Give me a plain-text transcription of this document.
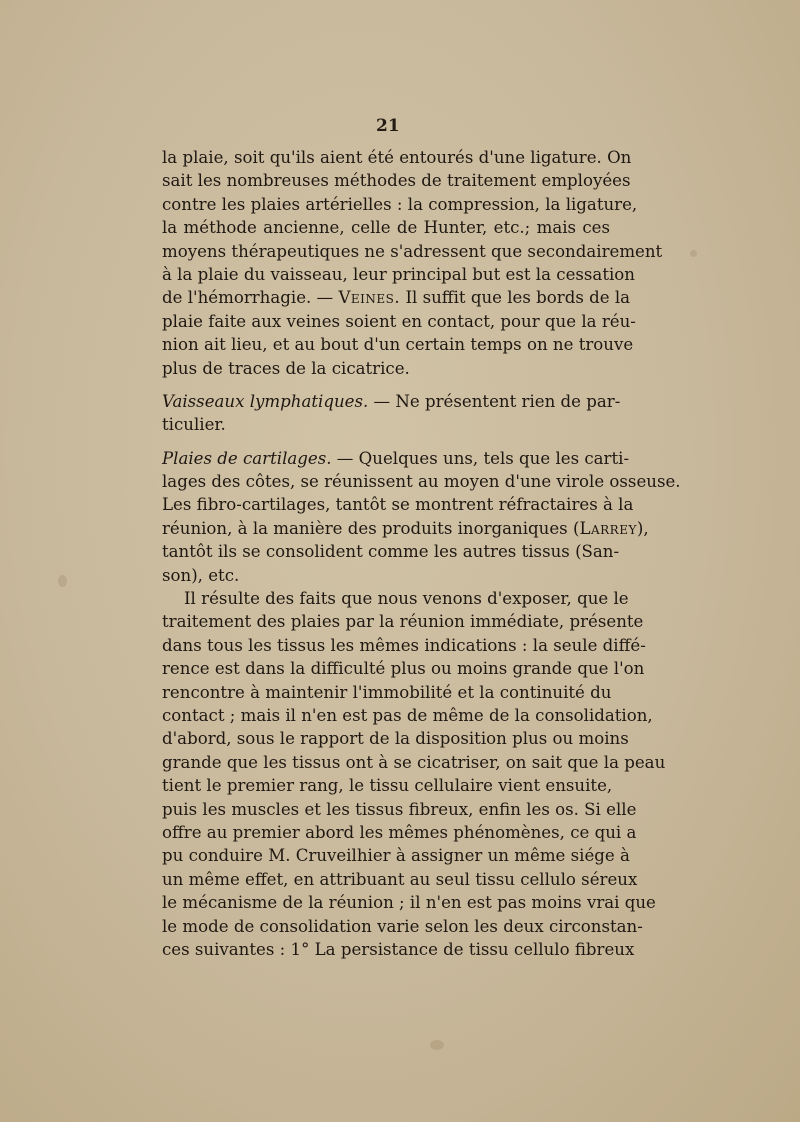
21
la plaie, soit qu'ils aient été entourés d'une ligature. On
sait les nombreuses méthodes de traitement employées
contre les plaies artérielles : la compression, la ligature,
la méthode ancienne, celle de Hunter, etc.; mais ces
moyens thérapeutiques ne s'adressent que secondairement
à la plaie du vaisseau, leur principal but est la cessation
de l'hémorrhagie. — Veines. Il suffit que les bords de la
plaie faite aux veines soient en contact, pour que la réu-
nion ait lieu, et au bout d'un certain temps on ne trouve
plus de traces de la cicatrice.
Vaisseaux lymphatiques. — Ne présentent rien de par-
ticulier.
Plaies de cartilages. — Quelques uns, tels que les carti-
lages des côtes, se réunissent au moyen d'une virole osseuse.
Les fibro-cartilages, tantôt se montrent réfractaires à la
réunion, à la manière des produits inorganiques (Larrey),
tantôt ils se consolident comme les autres tissus (San-
son), etc.
Il résulte des faits que nous venons d'exposer, que le
traitement des plaies par la réunion immédiate, présente
dans tous les tissus les mêmes indications : la seule diffé-
rence est dans la difficulté plus ou moins grande que l'on
rencontre à maintenir l'immobilité et la continuité du
contact ; mais il n'en est pas de même de la consolidation,
d'abord, sous le rapport de la disposition plus ou moins
grande que les tissus ont à se cicatriser, on sait que la peau
tient le premier rang, le tissu cellulaire vient ensuite,
puis les muscles et les tissus fibreux, enfin les os. Si elle
offre au premier abord les mêmes phénomènes, ce qui a
pu conduire M. Cruveilhier à assigner un même siége à
un même effet, en attribuant au seul tissu cellulo séreux
le mécanisme de la réunion ; il n'en est pas moins vrai que
le mode de consolidation varie selon les deux circonstan-
ces suivantes : 1° La persistance de tissu cellulo fibreux
